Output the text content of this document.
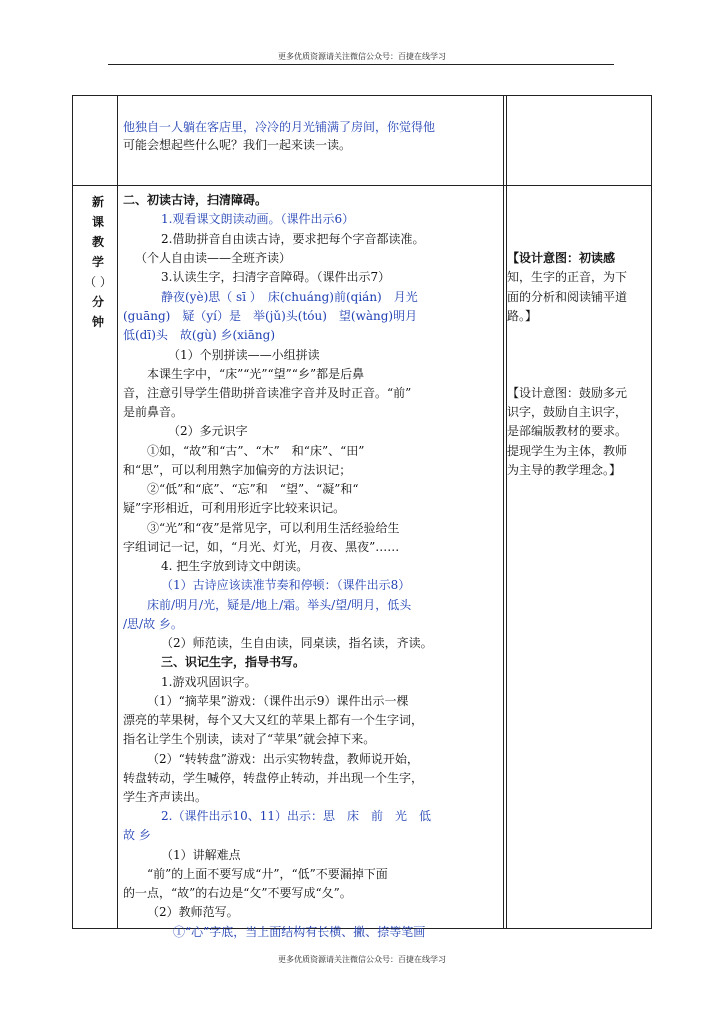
更多优质资源请关注微信公众号：百捷在线学习
新课
教学
（ ）
分钟
他独自一人躺在客店里，冷冷的月光铺满了房间，你觉得他
可能会想起些什么呢？我们一起来读一读。
二、初读古诗，扫清障碍。
1.观看课文朗读动画。（课件出示6）
2.借助拼音自由读古诗，要求把每个字音都读准。
（个人自由读——全班齐读）
3.认读生字，扫清字音障碍。（课件出示7）
静夜(yè)思（ sī ）　床(chuáng)前(qián)　月光
(guāng)　疑（yí）是　举(jǔ)头(tóu)　望(wàng)明月
低(dī)头　故(gù) 乡(xiāng)
（1）个别拼读——小组拼读
本课生字中，“床”“光”“望”“乡”都是后鼻
音，注意引导学生借助拼音读准字音并及时正音。“前”
是前鼻音。
（2）多元识字
①如，“故”和“古”、“木”　和“床”、“田”
和“思”，可以利用熟字加偏旁的方法识记；
②“低”和“底”、“忘”和　“望”、“凝”和“
疑”字形相近，可利用形近字比较来识记。
③“光”和“夜”是常见字，可以利用生活经验给生
字组词记一记，如，“月光、灯光，月夜、黑夜”……
4. 把生字放到诗文中朗读。
（1）古诗应该读准节奏和停顿：（课件出示8）
床前/明月/光，疑是/地上/霜。举头/望/明月，低头
/思/故 乡。
（2）师范读，生自由读，同桌读，指名读，齐读。
三、识记生字，指导书写。
1.游戏巩固识字。
（1）“摘苹果”游戏：（课件出示9）课件出示一棵
漂亮的苹果树，每个又大又红的苹果上都有一个生字词，
指名让学生个别读，读对了“苹果”就会掉下来。
（2）“转转盘”游戏：出示实物转盘，教师说开始，
转盘转动，学生喊停，转盘停止转动，并出现一个生字，
学生齐声读出。
2.（课件出示10、11）出示：思　床　前　光　低
故 乡
（1）讲解难点
“前”的上面不要写成“廾”，“低”不要漏掉下面
的一点，“故”的右边是“攵”不要写成“夂”。
（2）教师范写。
①“心”字底，当上面结构有长横、撇、捺等笔画
【设计意图：初读感
知，生字的正音，为下
面的分析和阅读铺平道
路。】
【设计意图：鼓励多元
识字，鼓励自主识字，
是部编版教材的要求。
提现学生为主体，教师
为主导的教学理念。】
更多优质资源请关注微信公众号：百捷在线学习
